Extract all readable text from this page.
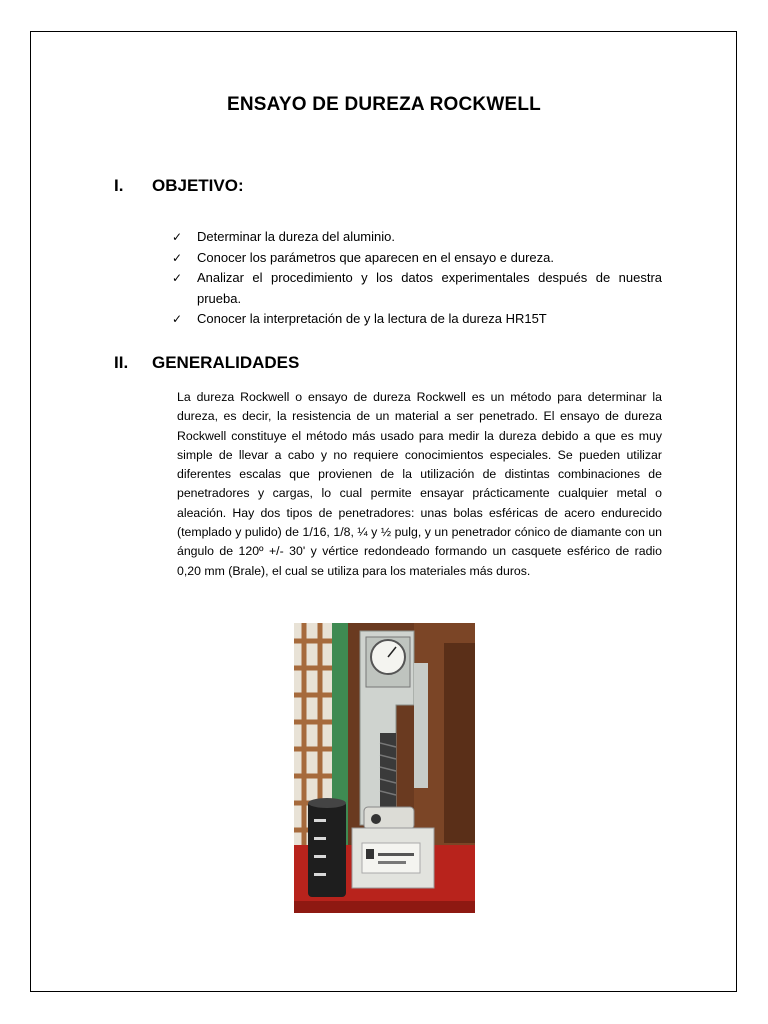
ENSAYO DE DUREZA ROCKWELL
I.	OBJETIVO:
✓	Determinar la dureza del aluminio.
✓	Conocer los parámetros que aparecen en el ensayo e dureza.
✓	Analizar el procedimiento y los datos experimentales después de nuestra prueba.
✓	Conocer la interpretación de y la lectura de la dureza HR15T
II.	GENERALIDADES

La dureza Rockwell o ensayo de dureza Rockwell es un método para determinar la dureza, es decir, la resistencia de un material a ser penetrado. El ensayo de dureza Rockwell constituye el método más usado para medir la dureza debido a que es muy simple de llevar a cabo y no requiere conocimientos especiales. Se pueden utilizar diferentes escalas que provienen de la utilización de distintas combinaciones de penetradores y cargas, lo cual permite ensayar prácticamente cualquier metal o aleación. Hay dos tipos de penetradores: unas bolas esféricas de acero endurecido (templado y pulido) de 1/16, 1/8, ¼ y ½ pulg, y un penetrador cónico de diamante con un ángulo de 120º +/- 30' y vértice redondeado formando un casquete esférico de radio 0,20 mm (Brale), el cual se utiliza para los materiales más duros.
